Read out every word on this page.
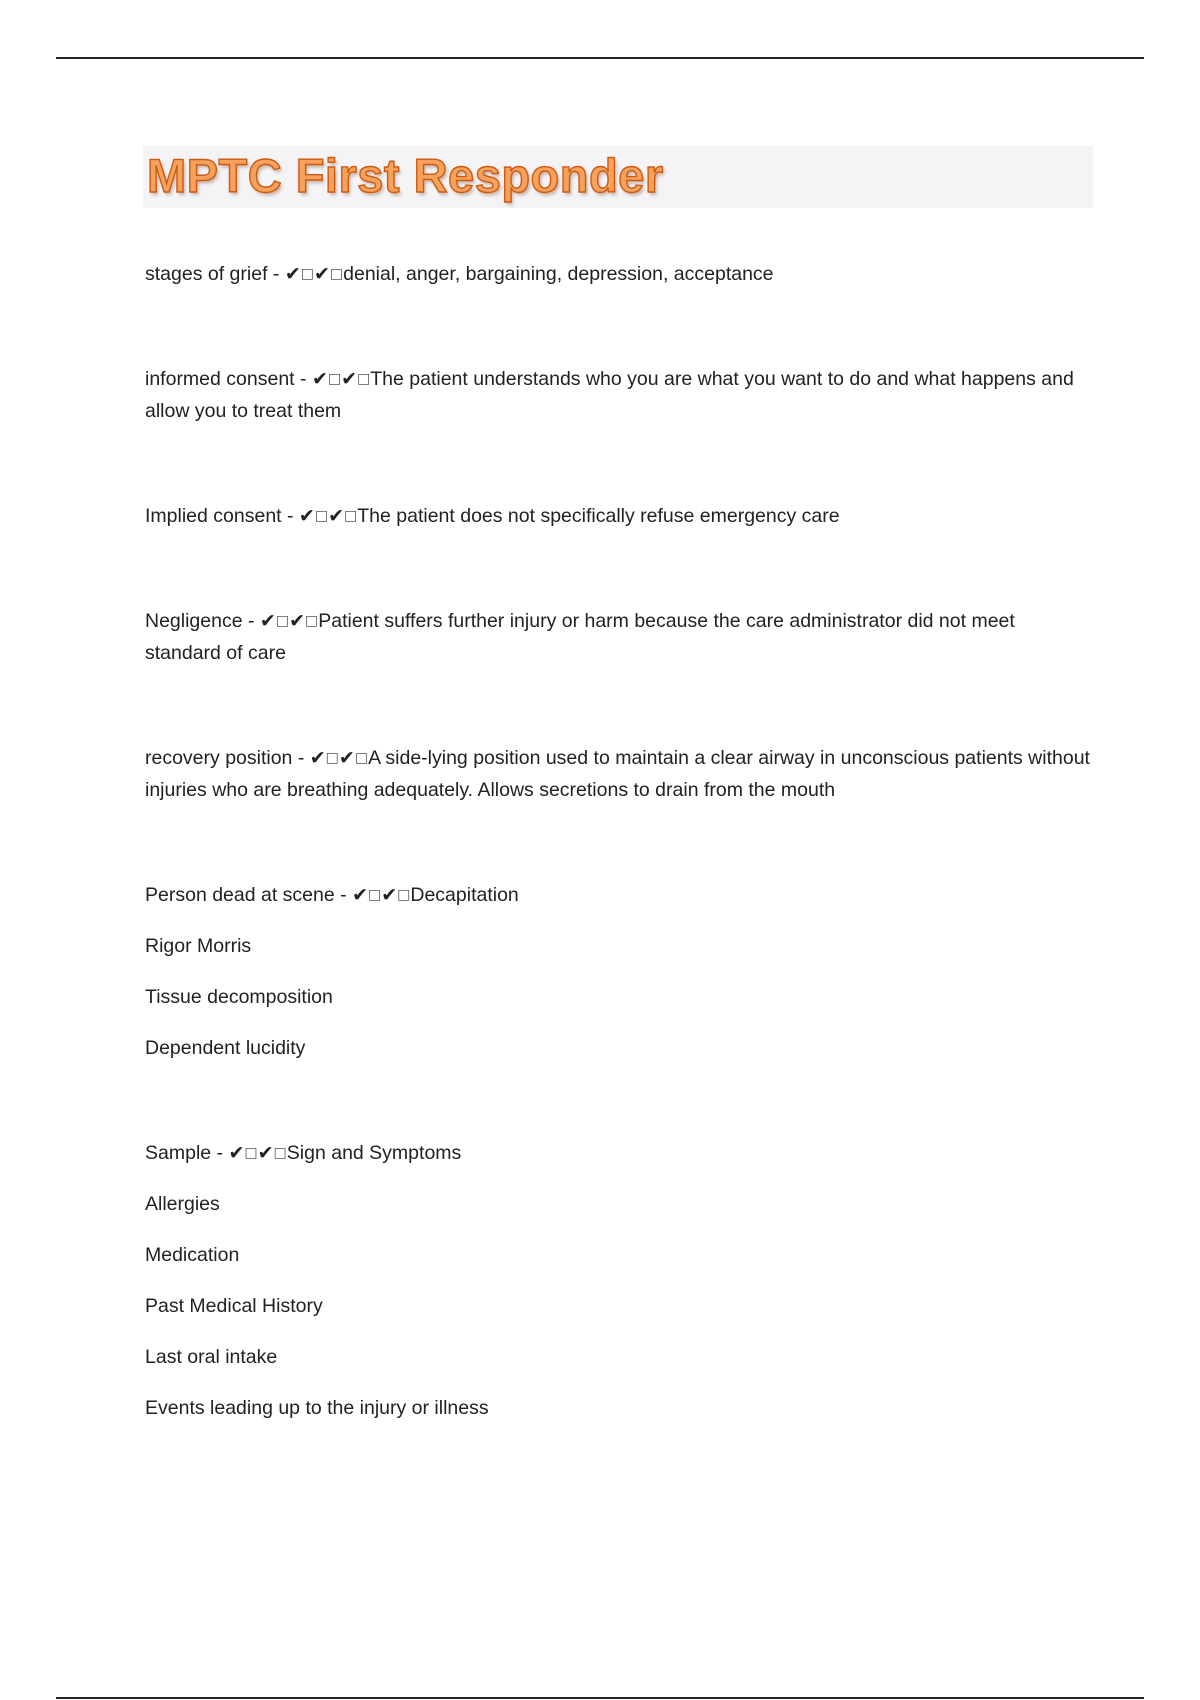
MPTC First Responder

stages of grief - ✔□✔□denial, anger, bargaining, depression, acceptance

informed consent - ✔□✔□The patient understands who you are what you want to do and what happens and allow you to treat them

Implied consent - ✔□✔□The patient does not specifically refuse emergency care

Negligence - ✔□✔□Patient suffers further injury or harm because the care administrator did not meet standard of care

recovery position - ✔□✔□A side-lying position used to maintain a clear airway in unconscious patients without injuries who are breathing adequately. Allows secretions to drain from the mouth

Person dead at scene - ✔□✔□Decapitation

Rigor Morris

Tissue decomposition

Dependent lucidity

Sample - ✔□✔□Sign and Symptoms

Allergies

Medication

Past Medical History

Last oral intake

Events leading up to the injury or illness
